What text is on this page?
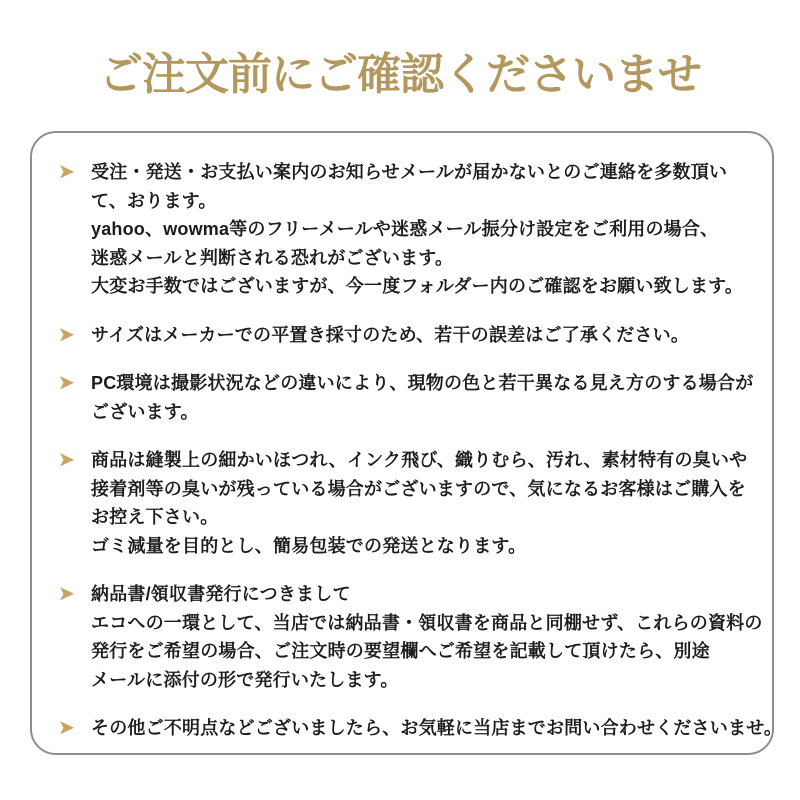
ご注文前にご確認くださいませ
➤ 受注・発送・お支払い案内のお知らせメールが届かないとのご連絡を多数頂い
て、おります。
yahoo、wowma等のフリーメールや迷惑メール振分け設定をご利用の場合、
迷惑メールと判断される恐れがございます。
大変お手数ではございますが、今一度フォルダー内のご確認をお願い致します。
➤ サイズはメーカーでの平置き採寸のため、若干の誤差はご了承ください。
➤ PC環境は撮影状況などの違いにより、現物の色と若干異なる見え方のする場合が
ございます。
➤ 商品は縫製上の細かいほつれ、インク飛び、織りむら、汚れ、素材特有の臭いや
接着剤等の臭いが残っている場合がございますので、気になるお客様はご購入を
お控え下さい。
ゴミ減量を目的とし、簡易包装での発送となります。
➤ 納品書/領収書発行につきまして
エコへの一環として、当店では納品書・領収書を商品と同棚せず、これらの資料の
発行をご希望の場合、ご注文時の要望欄へご希望を記載して頂けたら、別途
メールに添付の形で発行いたします。
➤ その他ご不明点などございましたら、お気軽に当店までお問い合わせくださいませ。
